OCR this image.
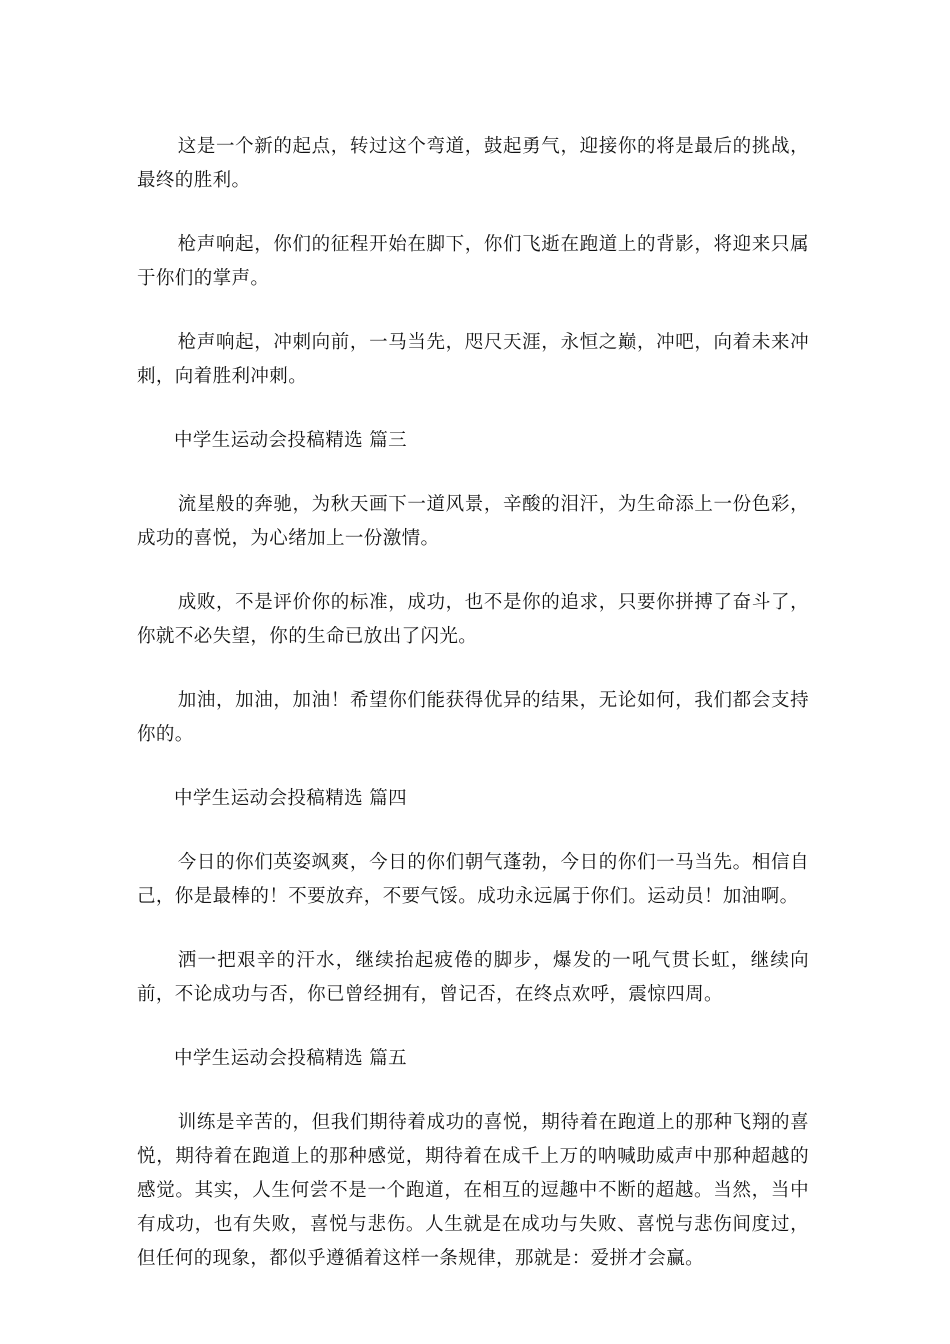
这是一个新的起点，转过这个弯道，鼓起勇气，迎接你的将是最后的挑战，最终的胜利。

枪声响起，你们的征程开始在脚下，你们飞逝在跑道上的背影，将迎来只属于你们的掌声。

枪声响起，冲刺向前，一马当先，咫尺天涯，永恒之巅，冲吧，向着未来冲刺，向着胜利冲刺。

中学生运动会投稿精选 篇三

流星般的奔驰，为秋天画下一道风景，辛酸的泪汗，为生命添上一份色彩，成功的喜悦，为心绪加上一份激情。

成败，不是评价你的标准，成功，也不是你的追求，只要你拼搏了奋斗了，你就不必失望，你的生命已放出了闪光。

加油，加油，加油！希望你们能获得优异的结果，无论如何，我们都会支持你的。

中学生运动会投稿精选 篇四

今日的你们英姿飒爽，今日的你们朝气蓬勃，今日的你们一马当先。相信自己，你是最棒的！不要放弃，不要气馁。成功永远属于你们。运动员！加油啊。

洒一把艰辛的汗水，继续抬起疲倦的脚步，爆发的一吼气贯长虹，继续向前，不论成功与否，你已曾经拥有，曾记否，在终点欢呼，震惊四周。

中学生运动会投稿精选 篇五

训练是辛苦的，但我们期待着成功的喜悦，期待着在跑道上的那种飞翔的喜悦，期待着在跑道上的那种感觉，期待着在成千上万的呐喊助威声中那种超越的感觉。其实，人生何尝不是一个跑道，在相互的逗趣中不断的超越。当然，当中有成功，也有失败，喜悦与悲伤。人生就是在成功与失败、喜悦与悲伤间度过，但任何的现象，都似乎遵循着这样一条规律，那就是：爱拼才会赢。
